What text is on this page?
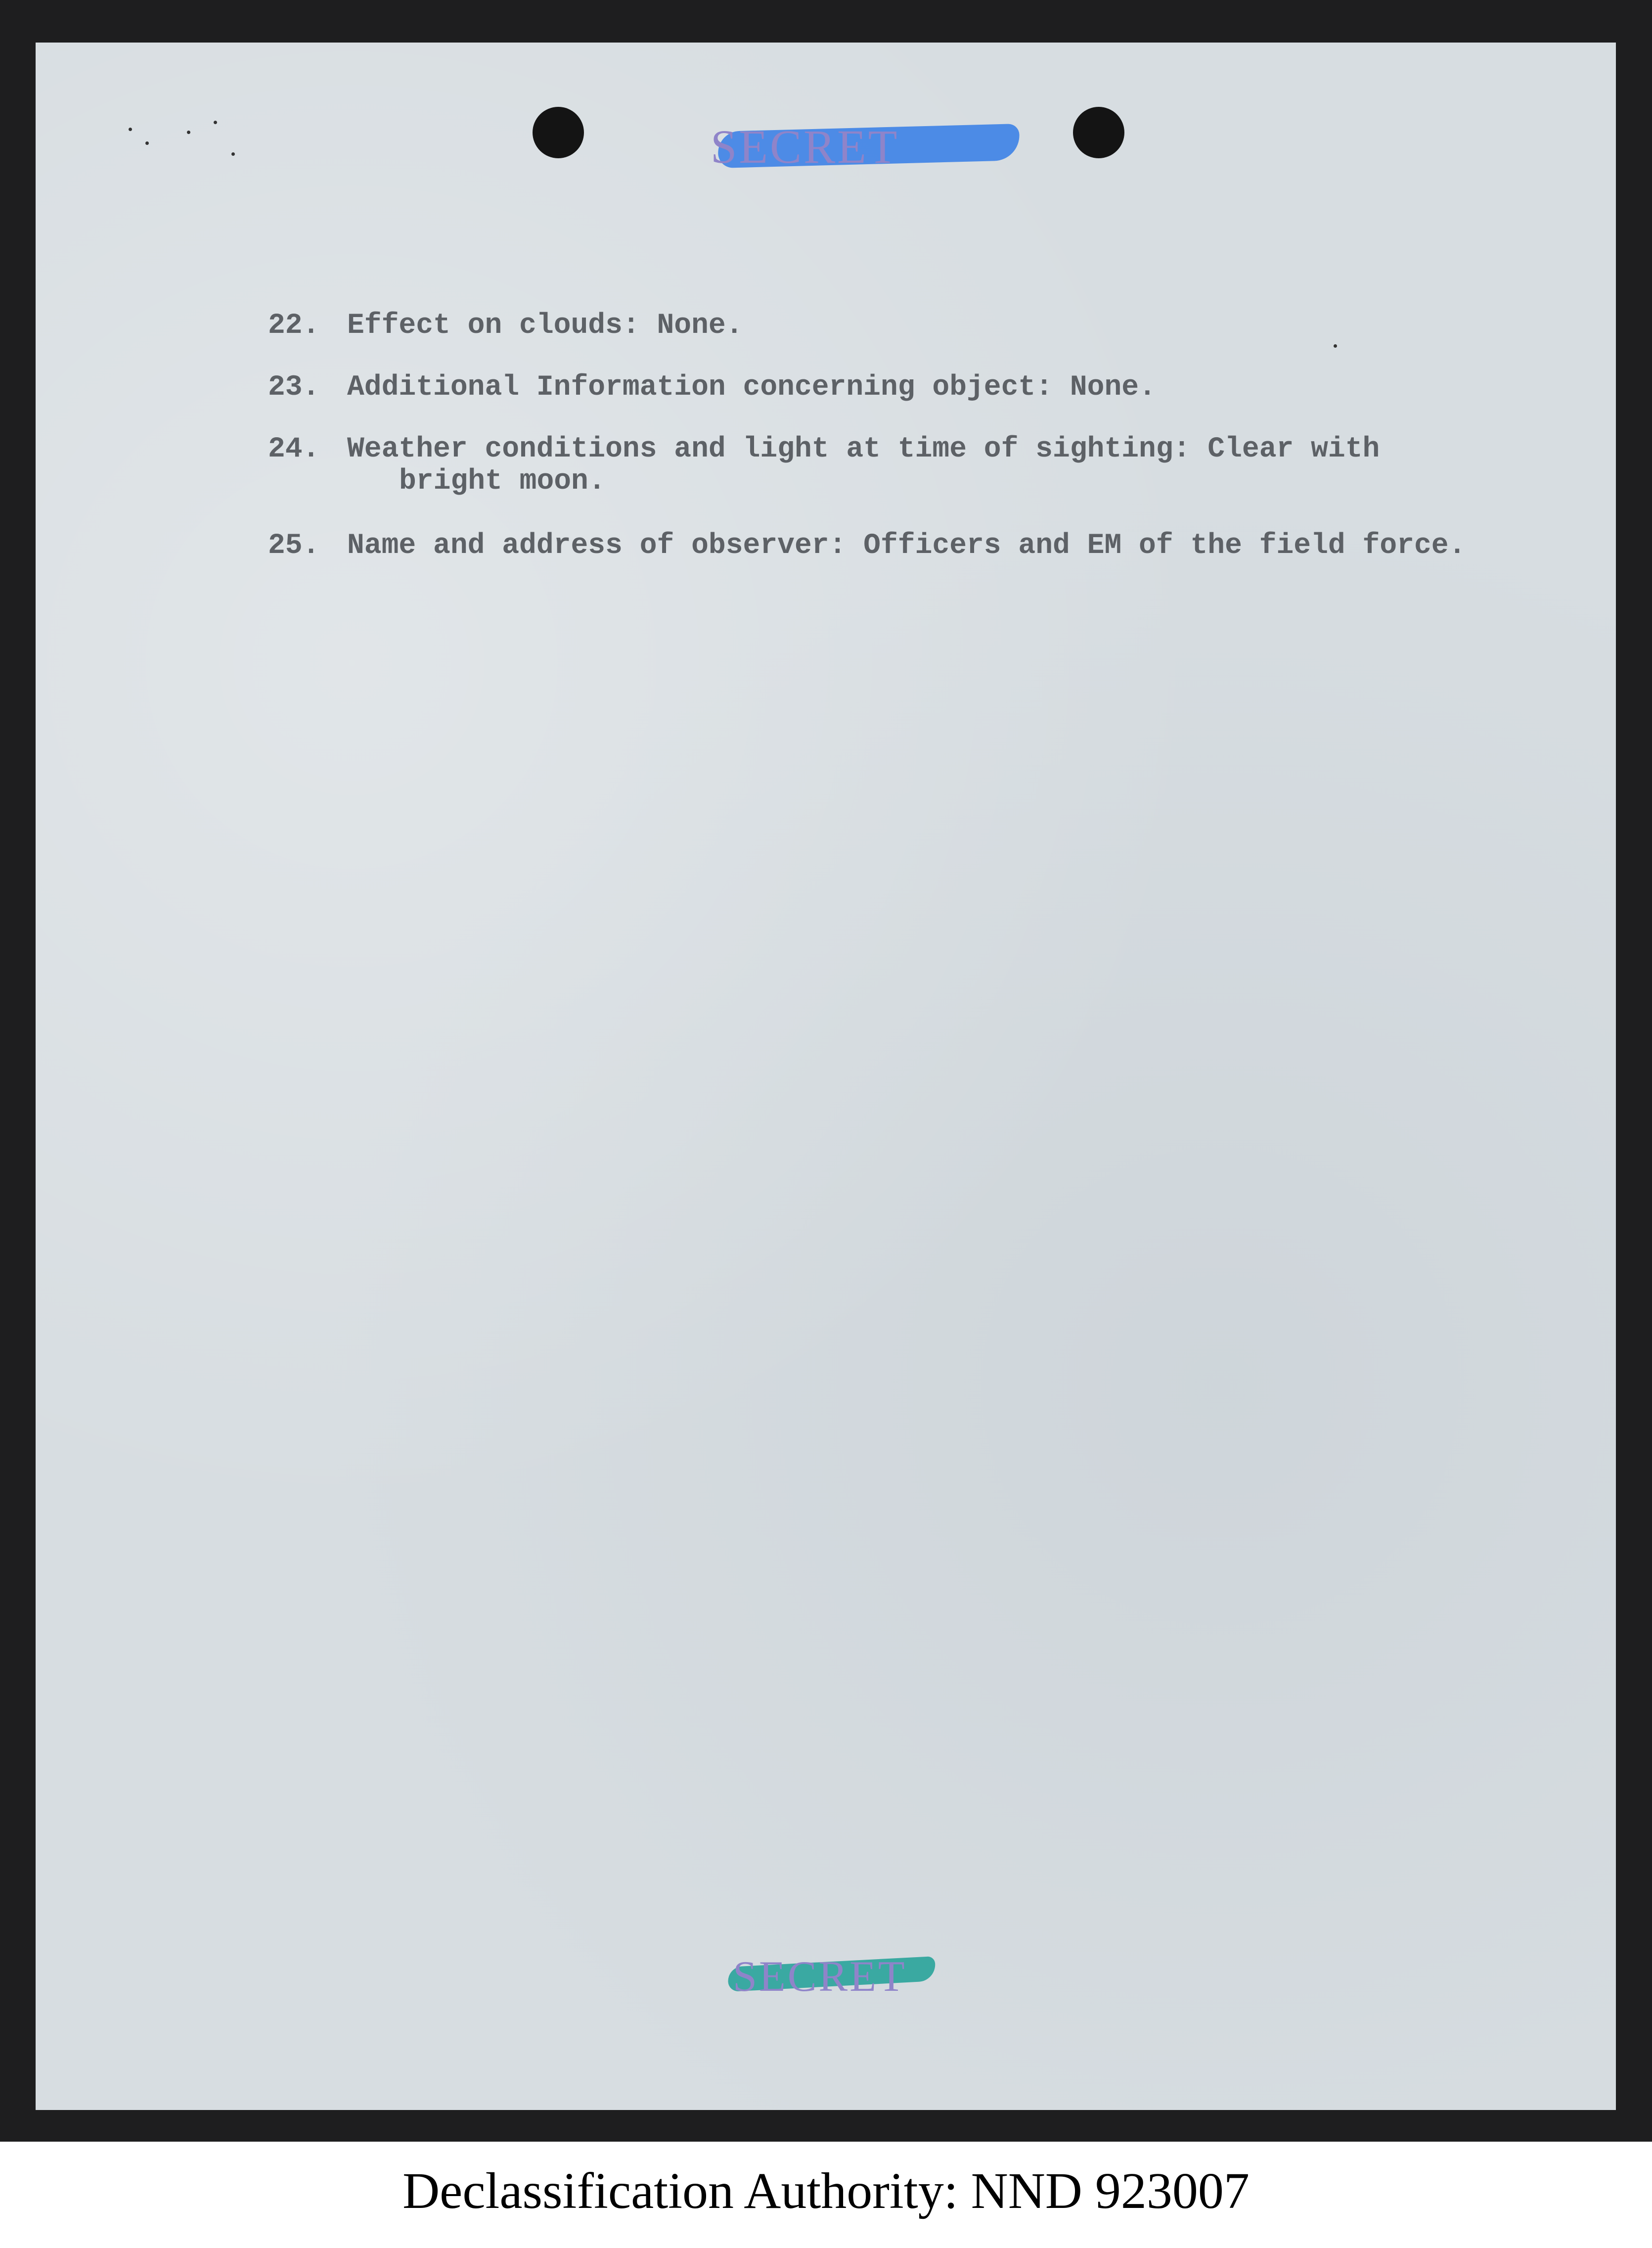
SECRET
22. Effect on clouds: None.
23. Additional Information concerning object: None.
24. Weather conditions and light at time of sighting: Clear with
bright moon.
25. Name and address of observer: Officers and EM of the field force.
SECRET
Declassification Authority: NND 923007
